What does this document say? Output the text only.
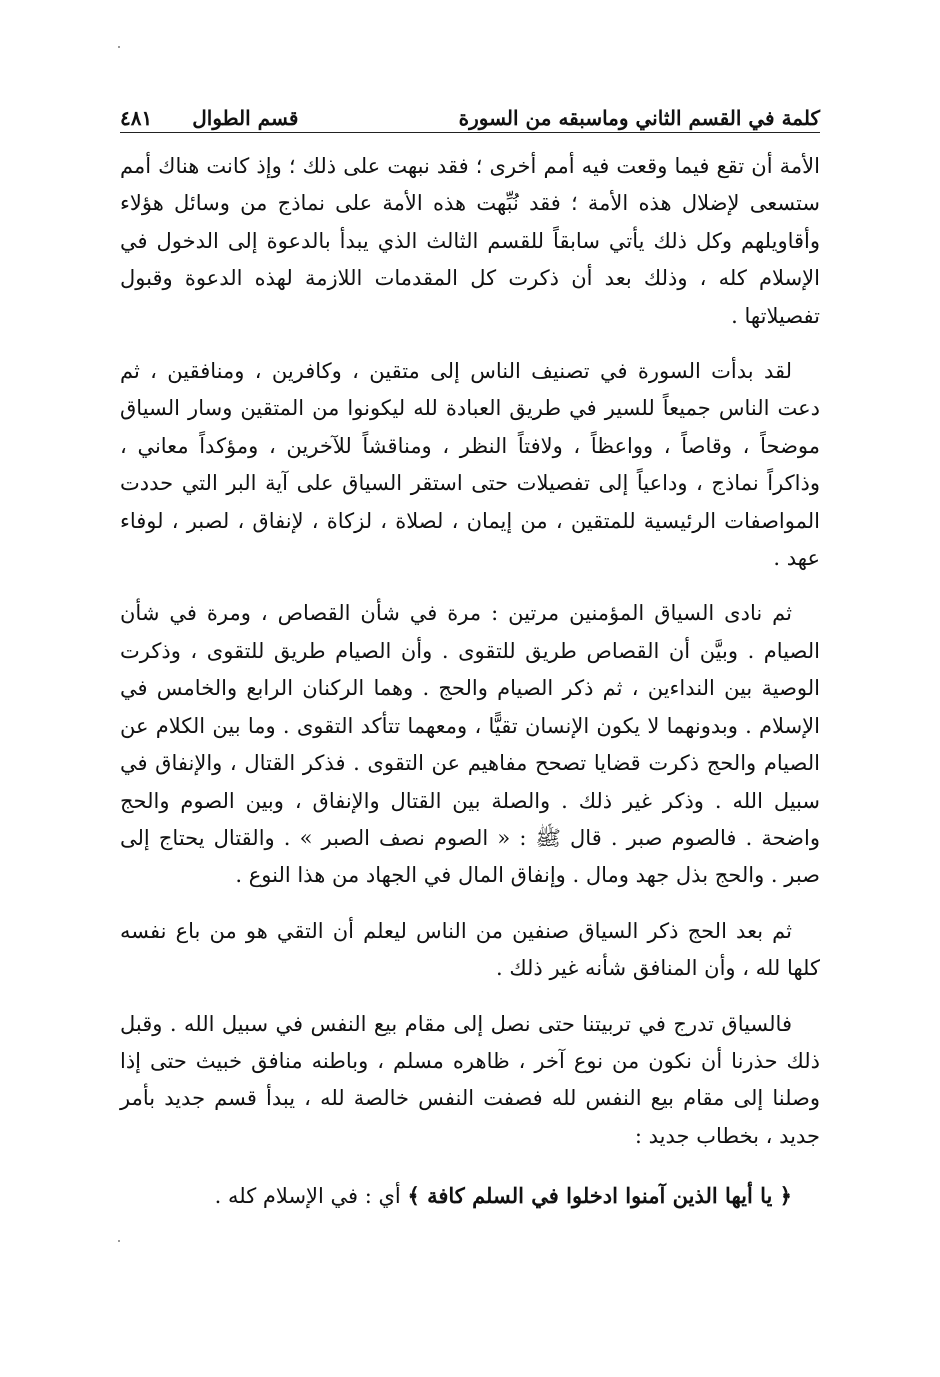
كلمة في القسم الثاني وماسبقه من السورة
قسم الطوال
٤٨١

الأمة أن تقع فيما وقعت فيه أمم أخرى ؛ فقد نبهت على ذلك ؛ وإذ كانت هناك أمم ستسعى لإضلال هذه الأمة ؛ فقد نُبِّهت هذه الأمة على نماذج من وسائل هؤلاء وأقاويلهم وكل ذلك يأتي سابقاً للقسم الثالث الذي يبدأ بالدعوة إلى الدخول في الإسلام كله ، وذلك بعد أن ذكرت كل المقدمات اللازمة لهذه الدعوة وقبول تفصيلاتها .

لقد بدأت السورة في تصنيف الناس إلى متقين ، وكافرين ، ومنافقين ، ثم دعت الناس جميعاً للسير في طريق العبادة لله ليكونوا من المتقين وسار السياق موضحاً ، وقاصاً ، وواعظاً ، ولافتاً النظر ، ومناقشاً للآخرين ، ومؤكداً معاني ، وذاكراً نماذج ، وداعياً إلى تفصيلات حتى استقر السياق على آية البر التي حددت المواصفات الرئيسية للمتقين ، من إيمان ، لصلاة ، لزكاة ، لإنفاق ، لصبر ، لوفاء عهد .

ثم نادى السياق المؤمنين مرتين : مرة في شأن القصاص ، ومرة في شأن الصيام . وبيَّن أن القصاص طريق للتقوى . وأن الصيام طريق للتقوى ، وذكرت الوصية بين النداءين ، ثم ذكر الصيام والحج . وهما الركنان الرابع والخامس في الإسلام . وبدونهما لا يكون الإنسان تقيًّا ، ومعهما تتأكد التقوى . وما بين الكلام عن الصيام والحج ذكرت قضايا تصحح مفاهيم عن التقوى . فذكر القتال ، والإنفاق في سبيل الله . وذكر غير ذلك . والصلة بين القتال والإنفاق ، وبين الصوم والحج واضحة . فالصوم صبر . قال ﷺ : « الصوم نصف الصبر » . والقتال يحتاج إلى صبر . والحج بذل جهد ومال . وإنفاق المال في الجهاد من هذا النوع .

ثم بعد الحج ذكر السياق صنفين من الناس ليعلم أن التقي هو من باع نفسه كلها لله ، وأن المنافق شأنه غير ذلك .

فالسياق تدرج في تربيتنا حتى نصل إلى مقام بيع النفس في سبيل الله . وقبل ذلك حذرنا أن نكون من نوع آخر ، ظاهره مسلم ، وباطنه منافق خبيث حتى إذا وصلنا إلى مقام بيع النفس لله فصفت النفس خالصة لله ، يبدأ قسم جديد بأمر جديد ، بخطاب جديد :

﴿ يا أيها الذين آمنوا ادخلوا في السلم كافة ﴾ أي : في الإسلام كله .
